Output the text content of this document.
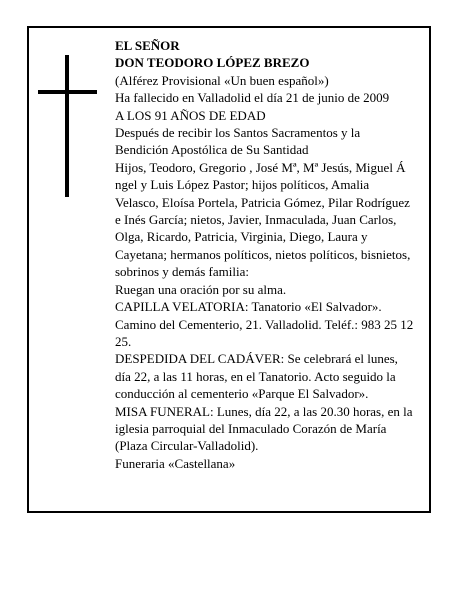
EL SEÑOR

DON TEODORO LÓPEZ BREZO

(Alférez Provisional «Un buen español»)

Ha fallecido en Valladolid el día 21 de junio de 2009

A LOS 91 AÑOS DE EDAD

Después de recibir los Santos Sacramentos y la Bendición Apostólica de Su Santidad

Hijos, Teodoro, Gregorio , José Mª, Mª Jesús, Miguel Á ngel y Luis López Pastor; hijos políticos, Amalia Velasco, Eloísa Portela, Patricia Gómez, Pilar Rodríguez e Inés García; nietos, Javier, Inmaculada, Juan Carlos, Olga, Ricardo, Patricia, Virginia, Diego, Laura y Cayetana; hermanos políticos, nietos políticos, bisnietos, sobrinos y demás familia:

Ruegan una oración por su alma.

CAPILLA VELATORIA: Tanatorio «El Salvador». Camino del Cementerio, 21. Valladolid. Teléf.: 983 25 12 25.

DESPEDIDA DEL CADÁVER: Se celebrará el lunes, día 22, a las 11 horas, en el Tanatorio. Acto seguido la conducción al cementerio «Parque El Salvador».

MISA FUNERAL: Lunes, día 22, a las 20.30 horas, en la iglesia parroquial del Inmaculado Corazón de María (Plaza Circular-Valladolid).

Funeraria «Castellana»
